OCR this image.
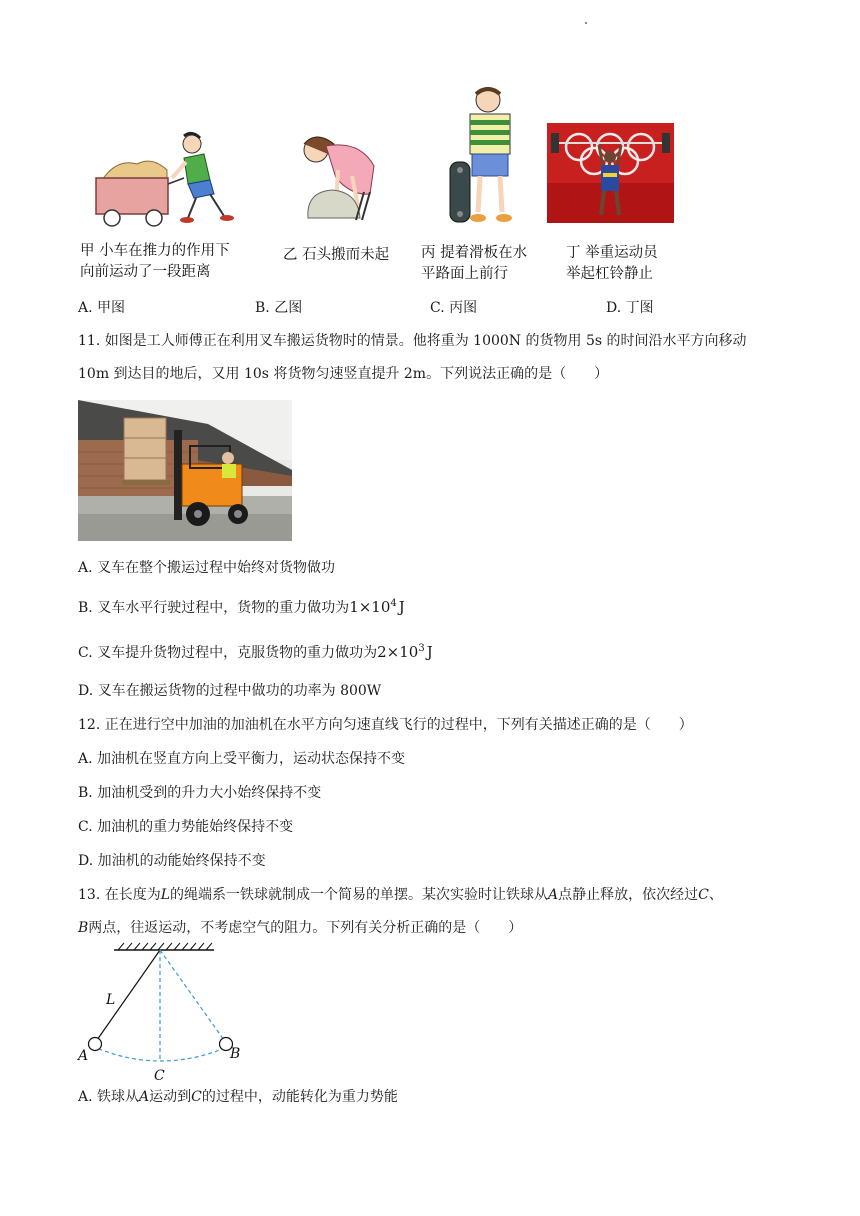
甲 小车在推力的作用下
向前运动了一段距离
乙 石头搬而未起 丙 提着滑板在水
平路面上前行
丁 举重运动员
举起杠铃静止
A. 甲图	B. 乙图	C. 丙图	D. 丁图
11. 如图是工人师傅正在利用叉车搬运货物时的情景。他将重为 1000N 的货物用 5s 的时间沿水平方向移动
10m 到达目的地后，又用 10s 将货物匀速竖直提升 2m。下列说法正确的是（　　）
A. 叉车在整个搬运过程中始终对货物做功
B. 叉车水平行驶过程中，货物的重力做功为$1\times 10^4$ J
C. 叉车提升货物过程中，克服货物的重力做功为$2\times 10^3$ J
D. 叉车在搬运货物的过程中做功的功率为 800W
12. 正在进行空中加油的加油机在水平方向匀速直线飞行的过程中，下列有关描述正确的是（　　）
A. 加油机在竖直方向上受平衡力，运动状态保持不变
B. 加油机受到的升力大小始终保持不变
C. 加油机的重力势能始终保持不变
D. 加油机的动能始终保持不变
13. 在长度为L的绳端系一铁球就制成一个简易的单摆。某次实验时让铁球从A点静止释放，依次经过C、
B两点，往返运动，不考虑空气的阻力。下列有关分析正确的是（　　）
L
A	B
C
A. 铁球从A运动到C的过程中，动能转化为重力势能
